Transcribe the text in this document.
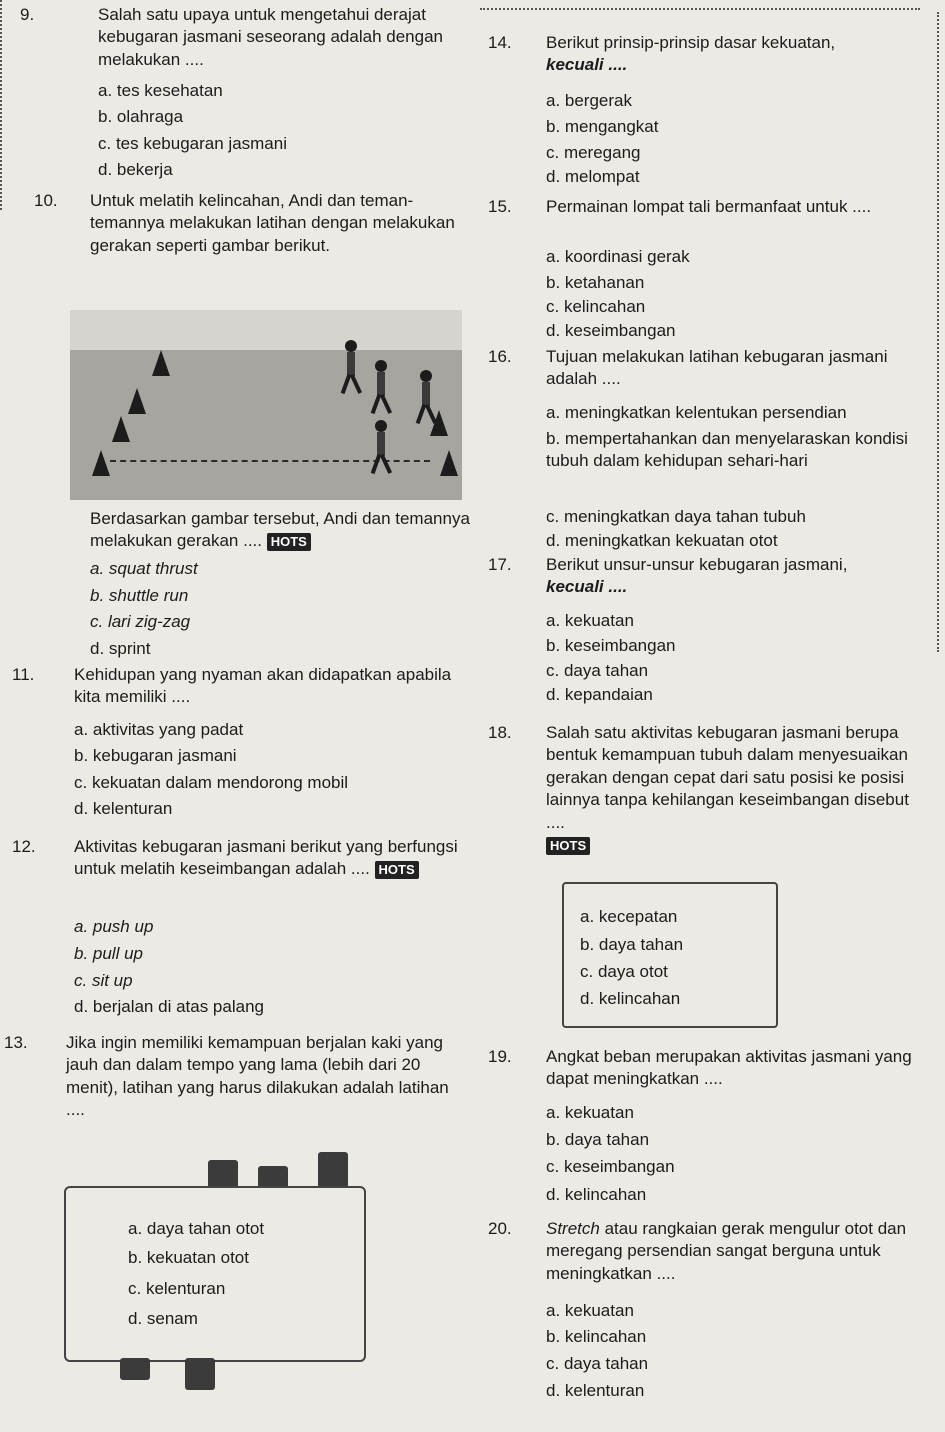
9.	Salah satu upaya untuk mengetahui derajat kebugaran jasmani seseorang adalah dengan melakukan ....
a. tes kesehatan
b. olahraga
c. tes kebugaran jasmani
d. bekerja
10. Untuk melatih kelincahan, Andi dan teman-temannya melakukan latihan dengan melakukan gerakan seperti gambar berikut.
Berdasarkan gambar tersebut, Andi dan temannya melakukan gerakan .... HOTS
a. squat thrust
b. shuttle run
c. lari zig-zag
d. sprint
11. Kehidupan yang nyaman akan didapatkan apabila kita memiliki ....
a. aktivitas yang padat
b. kebugaran jasmani
c. kekuatan dalam mendorong mobil
d. kelenturan
12. Aktivitas kebugaran jasmani berikut yang berfungsi untuk melatih keseimbangan adalah .... HOTS
a. push up
b. pull up
c. sit up
d. berjalan di atas palang
13. Jika ingin memiliki kemampuan berjalan kaki yang jauh dan dalam tempo yang lama (lebih dari 20 menit), latihan yang harus dilakukan adalah latihan ....
a. daya tahan otot
b. kekuatan otot
c. kelenturan
d. senam
14. Berikut prinsip-prinsip dasar kekuatan,
kecuali ....
a. bergerak
b. mengangkat
c. meregang
d. melompat
15. Permainan lompat tali bermanfaat untuk ....
a. koordinasi gerak
b. ketahanan
c. kelincahan
d. keseimbangan
16. Tujuan melakukan latihan kebugaran jasmani adalah ....
a. meningkatkan kelentukan persendian
b. mempertahankan dan menyelaraskan kondisi tubuh dalam kehidupan sehari-hari
c. meningkatkan daya tahan tubuh
d. meningkatkan kekuatan otot
17. Berikut unsur-unsur kebugaran jasmani,
kecuali ....
a. kekuatan
b. keseimbangan
c. daya tahan
d. kepandaian
18. Salah satu aktivitas kebugaran jasmani berupa bentuk kemampuan tubuh dalam menyesuaikan gerakan dengan cepat dari satu posisi ke posisi lainnya tanpa kehilangan keseimbangan disebut ....
HOTS
a. kecepatan
b. daya tahan
c. daya otot
d. kelincahan
19. Angkat beban merupakan aktivitas jasmani yang dapat meningkatkan ....
a. kekuatan
b. daya tahan
c. keseimbangan
d. kelincahan
20. Stretch atau rangkaian gerak mengulur otot dan meregang persendian sangat berguna untuk meningkatkan ....
a. kekuatan
b. kelincahan
c. daya tahan
d. kelenturan
